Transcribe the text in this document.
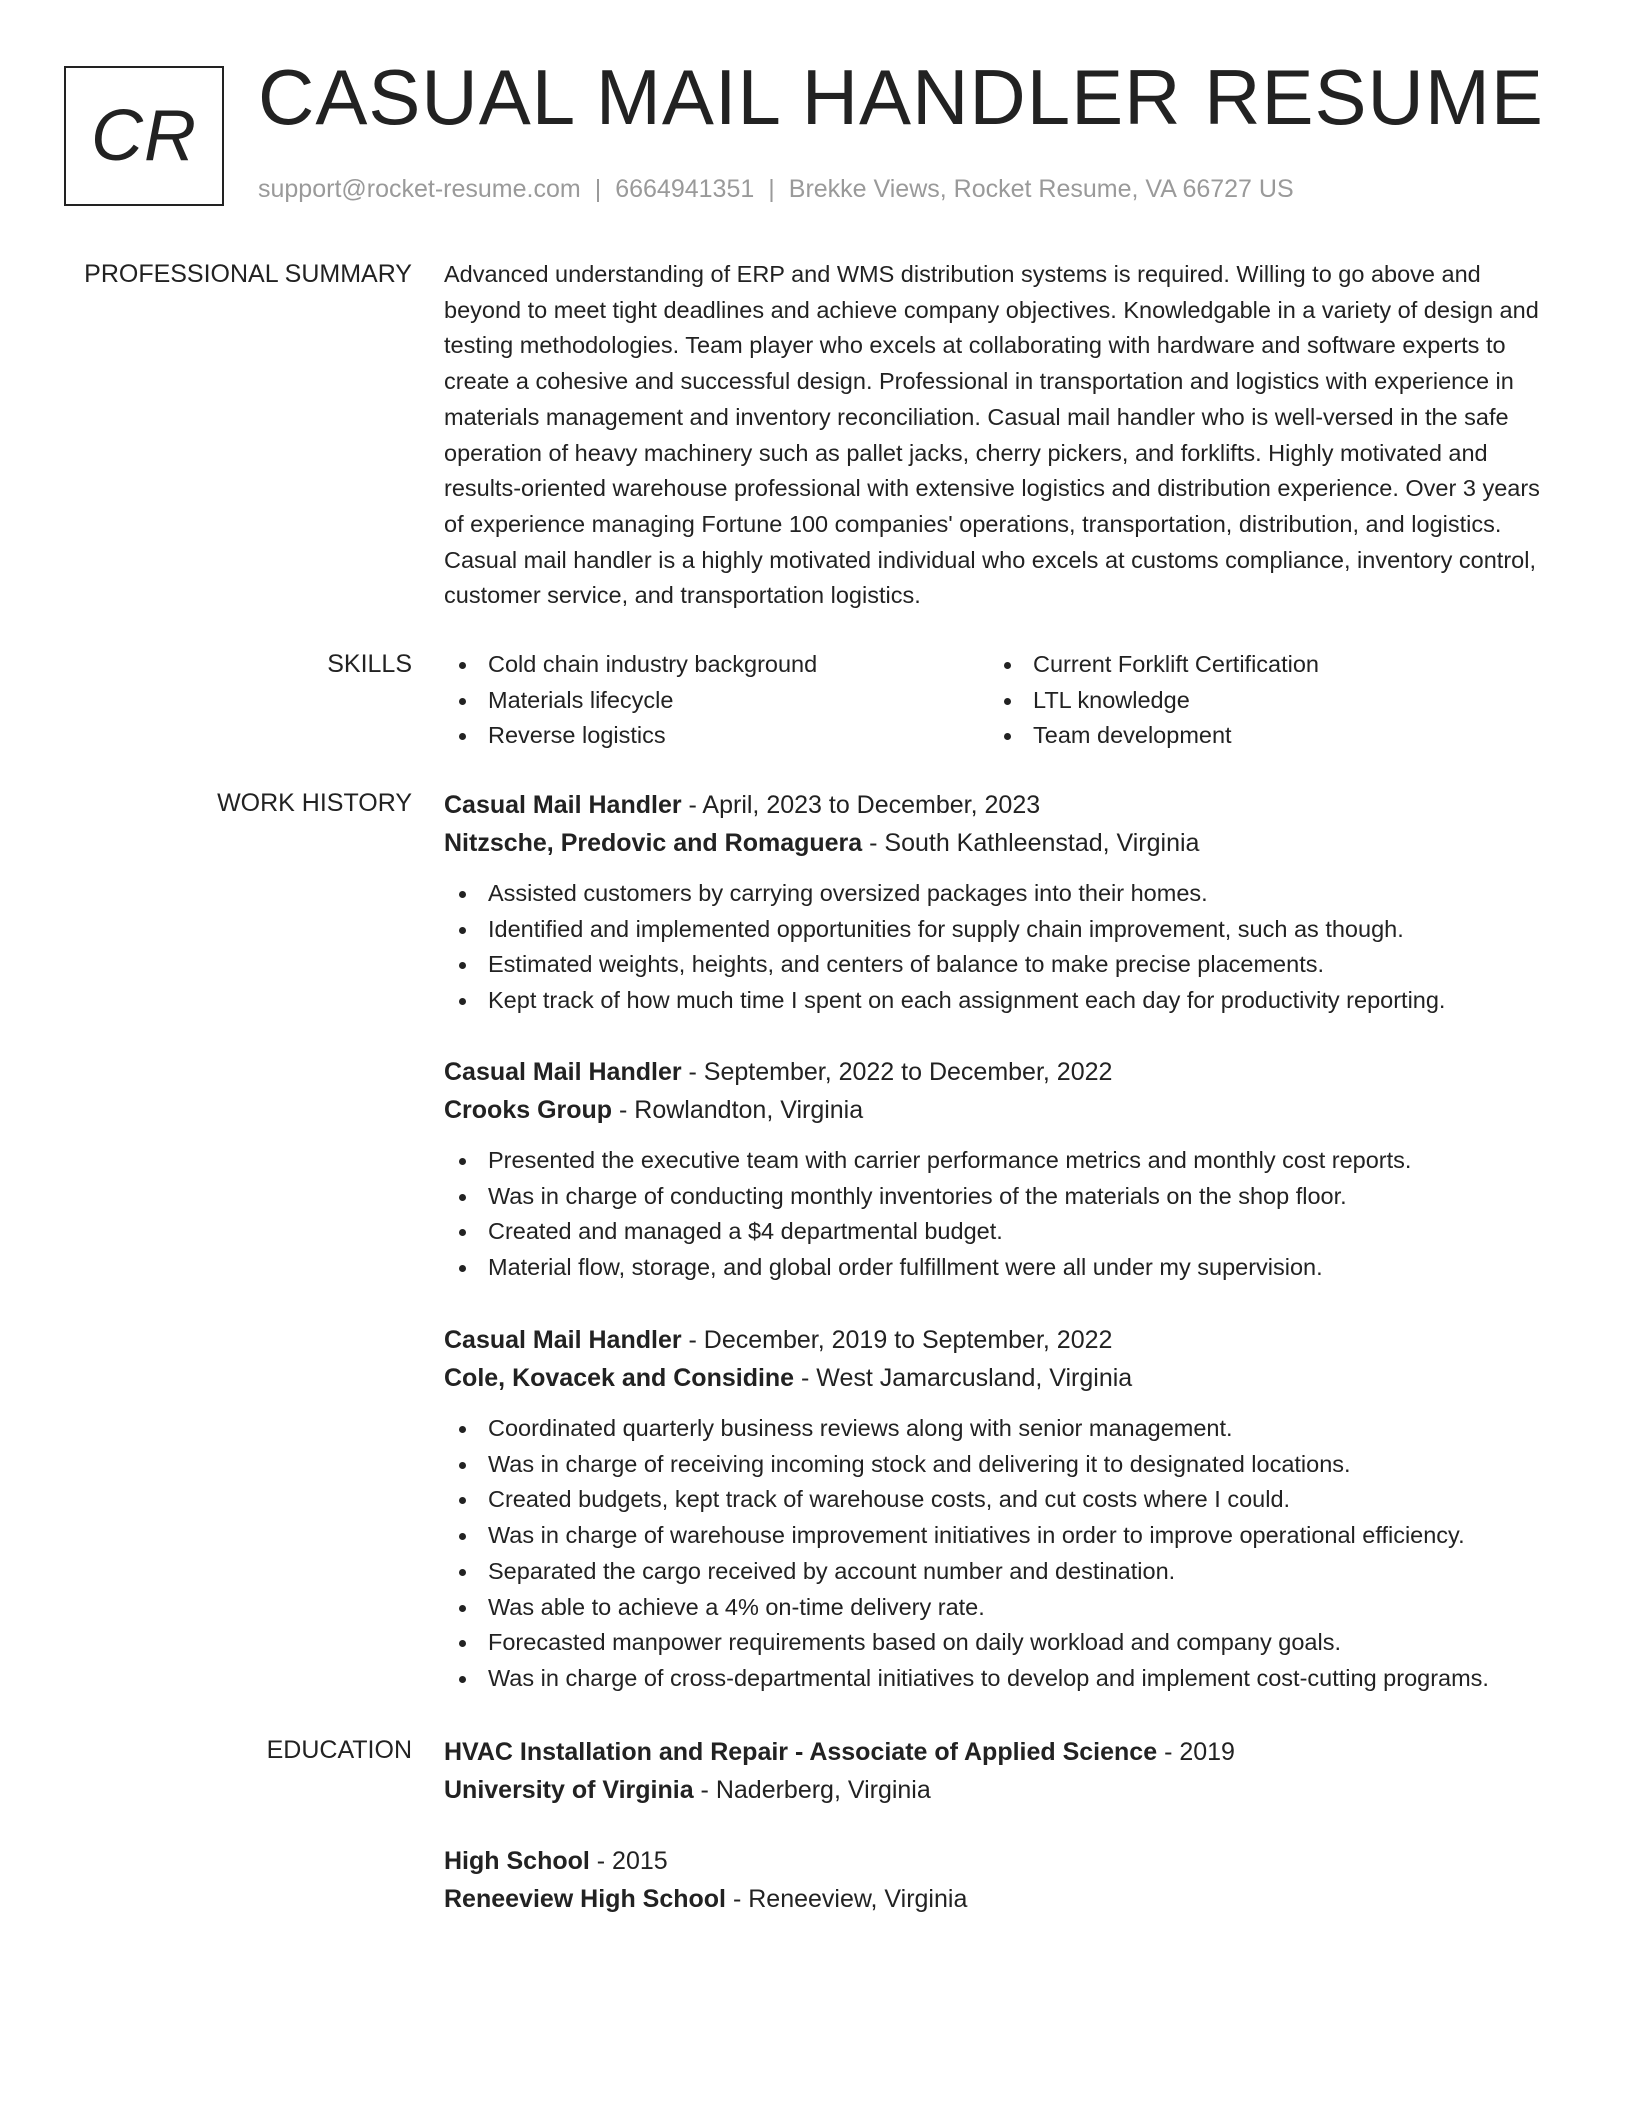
CR CASUAL MAIL HANDLER RESUME
support@rocket-resume.com | 6664941351 | Brekke Views, Rocket Resume, VA 66727 US
PROFESSIONAL SUMMARY Advanced understanding of ERP and WMS distribution systems is required. Willing to go above and beyond to meet tight deadlines and achieve company objectives. Knowledgable in a variety of design and testing methodologies. Team player who excels at collaborating with hardware and software experts to create a cohesive and successful design. Professional in transportation and logistics with experience in materials management and inventory reconciliation. Casual mail handler who is well-versed in the safe operation of heavy machinery such as pallet jacks, cherry pickers, and forklifts. Highly motivated and results-oriented warehouse professional with extensive logistics and distribution experience. Over 3 years of experience managing Fortune 100 companies' operations, transportation, distribution, and logistics. Casual mail handler is a highly motivated individual who excels at customs compliance, inventory control, customer service, and transportation logistics.

SKILLS	Cold chain industry background
Materials lifecycle
Reverse logistics
Current Forklift Certification
LTL knowledge
Team development
WORK HISTORY Casual Mail Handler - April, 2023 to December, 2023
Nitzsche, Predovic and Romaguera - South Kathleenstad, Virginia
Assisted customers by carrying oversized packages into their homes.
Identified and implemented opportunities for supply chain improvement, such as though.
Estimated weights, heights, and centers of balance to make precise placements.
Kept track of how much time I spent on each assignment each day for productivity reporting.
Casual Mail Handler - September, 2022 to December, 2022
Crooks Group - Rowlandton, Virginia
Presented the executive team with carrier performance metrics and monthly cost reports.
Was in charge of conducting monthly inventories of the materials on the shop floor.
Created and managed a $4 departmental budget.
Material flow, storage, and global order fulfillment were all under my supervision.
Casual Mail Handler - December, 2019 to September, 2022
Cole, Kovacek and Considine - West Jamarcusland, Virginia
Coordinated quarterly business reviews along with senior management.
Was in charge of receiving incoming stock and delivering it to designated locations.
Created budgets, kept track of warehouse costs, and cut costs where I could.
Was in charge of warehouse improvement initiatives in order to improve operational efficiency.
Separated the cargo received by account number and destination.
Was able to achieve a 4% on-time delivery rate.
Forecasted manpower requirements based on daily workload and company goals.
Was in charge of cross-departmental initiatives to develop and implement cost-cutting programs.
EDUCATION HVAC Installation and Repair - Associate of Applied Science - 2019
University of Virginia - Naderberg, Virginia
High School - 2015
Reneeview High School - Reneeview, Virginia
